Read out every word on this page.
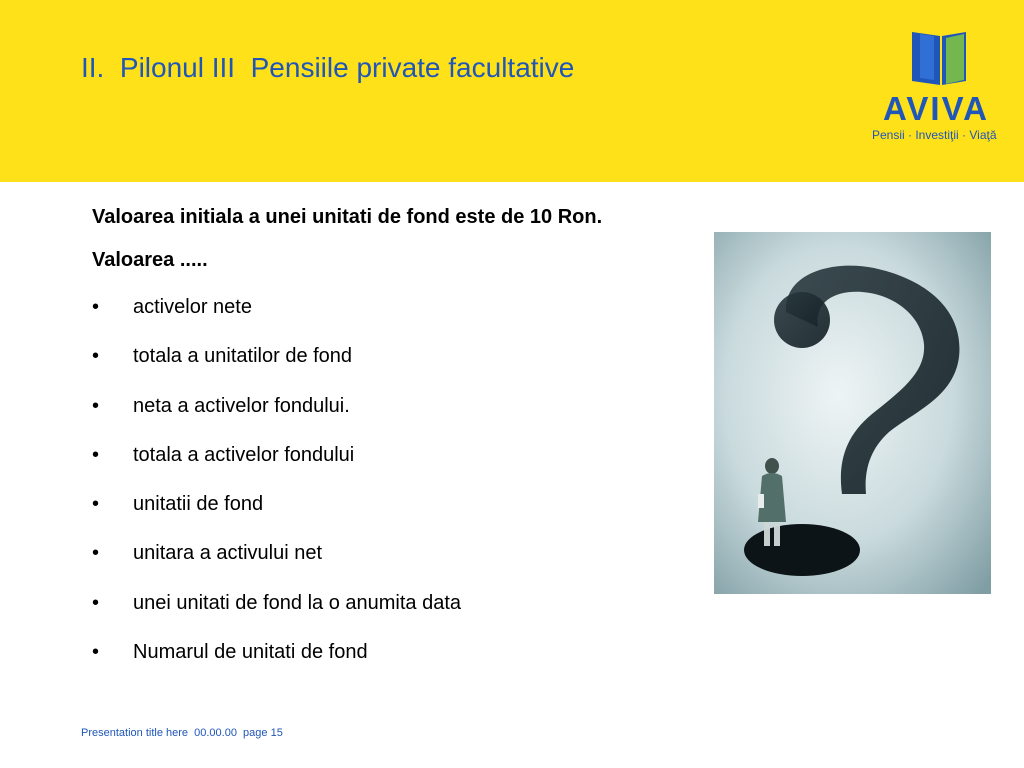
II.  Pilonul III  Pensiile private facultative
AVIVA
Pensii · Investiţii · Viaţă

Valoarea initiala a unei unitati de fond este de 10 Ron.

Valoarea .....

• activelor nete
• totala a unitatilor de fond
• neta a activelor fondului.
• totala a activelor fondului
• unitatii de fond
• unitara a activului net
• unei unitati de fond la o anumita data
• Numarul de unitati de fond
Presentation title here  00.00.00  page 15
